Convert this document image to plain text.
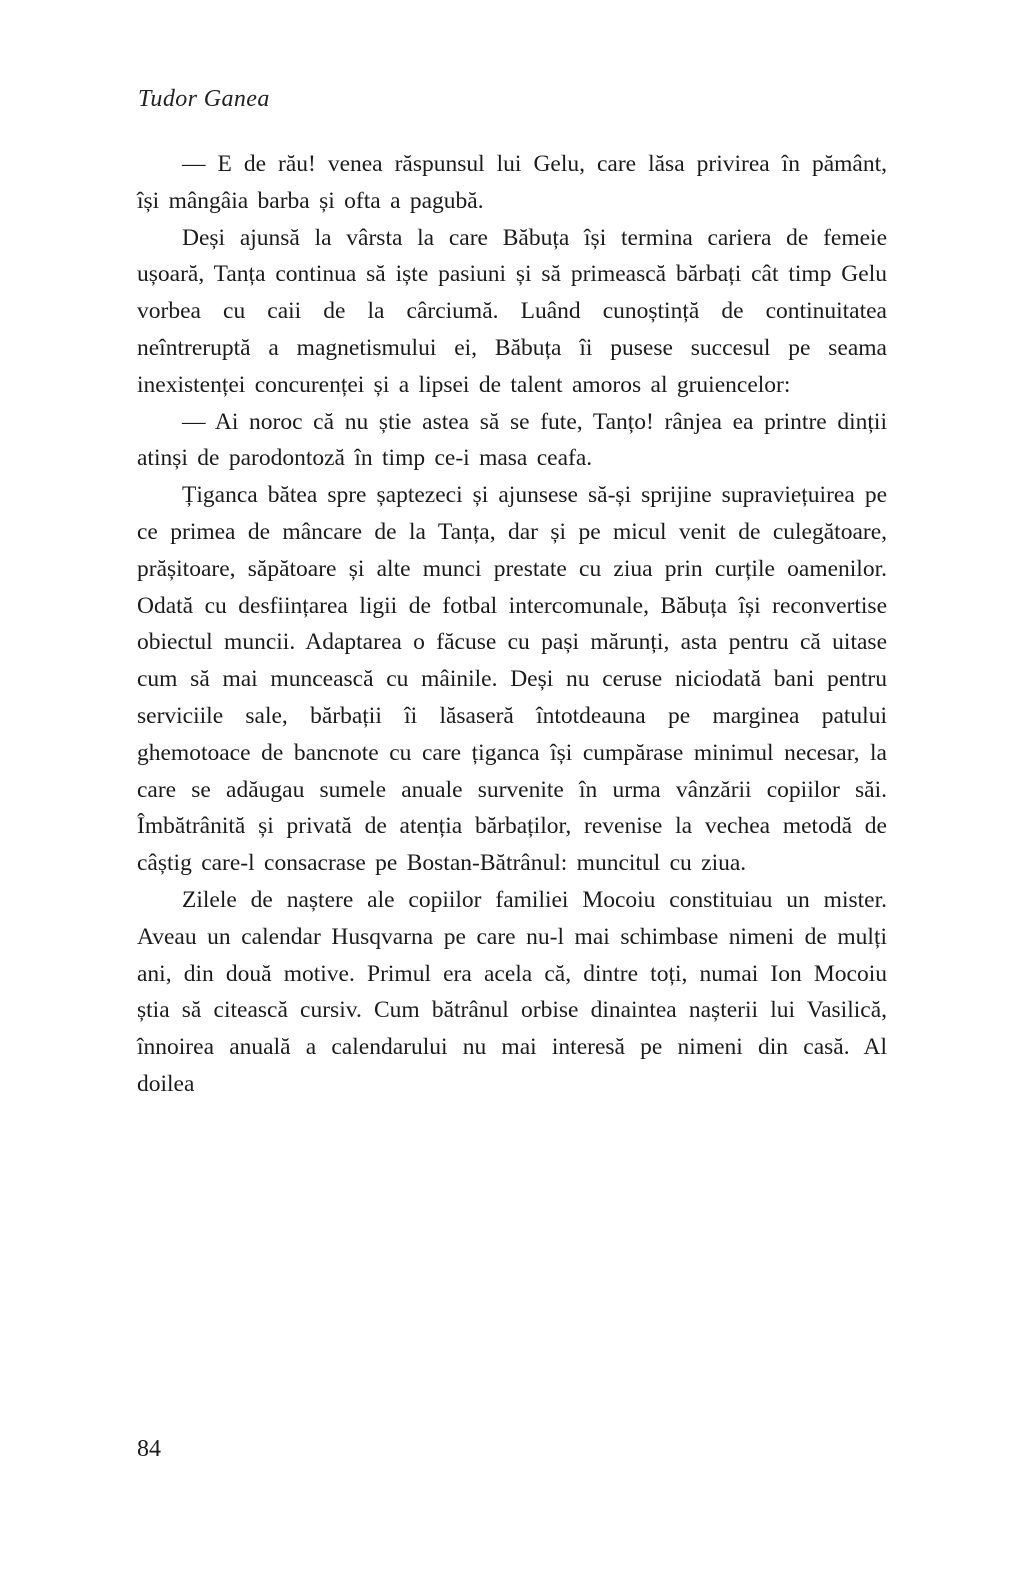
Tudor Ganea

— E de rău! venea răspunsul lui Gelu, care lăsa privirea în pământ, își mângâia barba și ofta a pagubă.

Deși ajunsă la vârsta la care Băbuța își termina cariera de femeie ușoară, Tanța continua să iște pasiuni și să primească bărbați cât timp Gelu vorbea cu caii de la cârciumă. Luând cunoștință de continuitatea neîntreruptă a magnetismului ei, Băbuța îi pusese succesul pe seama inexistenței concurenței și a lipsei de talent amoros al gruiencelor:

— Ai noroc că nu știe astea să se fute, Tanțo! rânjea ea printre dinții atinși de parodontoză în timp ce-i masa ceafa.

Țiganca bătea spre șaptezeci și ajunsese să-și sprijine supraviețuirea pe ce primea de mâncare de la Tanța, dar și pe micul venit de culegătoare, prășitoare, săpătoare și alte munci prestate cu ziua prin curțile oamenilor. Odată cu desființarea ligii de fotbal intercomunale, Băbuța își reconvertise obiectul muncii. Adaptarea o făcuse cu pași mărunți, asta pentru că uitase cum să mai muncească cu mâinile. Deși nu ceruse niciodată bani pentru serviciile sale, bărbații îi lăsaseră întotdeauna pe marginea patului ghemotoace de bancnote cu care țiganca își cumpărase minimul necesar, la care se adăugau sumele anuale survenite în urma vânzării copiilor săi. Îmbătrânită și privată de atenția bărbaților, revenise la vechea metodă de câștig care-l consacrase pe Bostan-Bătrânul: muncitul cu ziua.

Zilele de naștere ale copiilor familiei Mocoiu constituiau un mister. Aveau un calendar Husqvarna pe care nu-l mai schimbase nimeni de mulți ani, din două motive. Primul era acela că, dintre toți, numai Ion Mocoiu știa să citească cursiv. Cum bătrânul orbise dinaintea nașterii lui Vasilică, înnoirea anuală a calendarului nu mai interesă pe nimeni din casă. Al doilea

84
